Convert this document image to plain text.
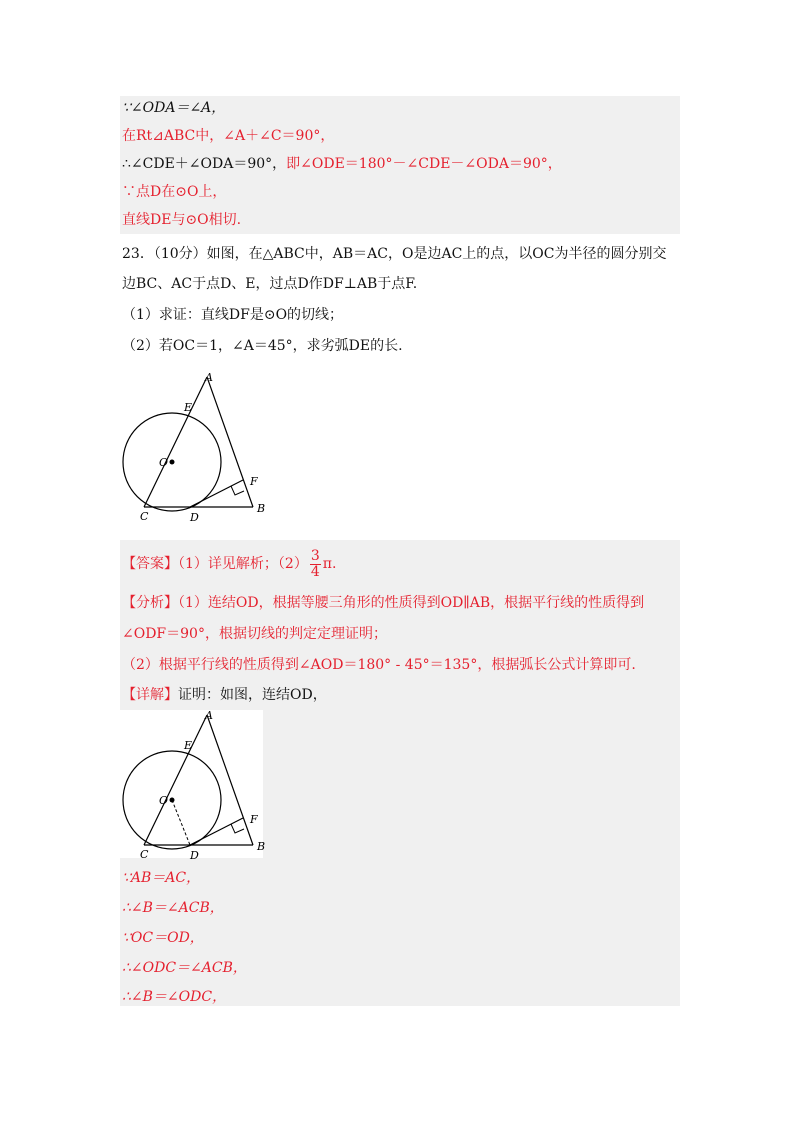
∵∠ODA＝∠A，
在Rt⊿ABC中，∠A＋∠C＝90°，
∴∠CDE＋∠ODA＝90°，即∠ODE＝180°－∠CDE－∠ODA＝90°，
∵点D在⊙O上，
直线DE与⊙O相切.
23．（10分）如图，在△ABC中，AB＝AC，O是边AC上的点，以OC为半径的圆分别交
边BC、AC于点D、E，过点D作DF⊥AB于点F.
（1）求证：直线DF是⊙O的切线；
（2）若OC＝1，∠A＝45°，求劣弧DE的长.
A
E
O
F
C	D
B
【答案】（1）详见解析；$(2) \frac{3}{4} \pi$.
【分析】（1）连结OD，根据等腰三角形的性质得到OD∥AB，根据平行线的性质得到
∠ODF＝90°，根据切线的判定定理证明；
（2）根据平行线的性质得到∠AOD＝180° - 45°＝135°，根据弧长公式计算即可.
【详解】证明：如图，连结OD，
A
E
O
F
C	D
B
∵AB＝AC，
∴∠B＝∠ACB，
∵OC＝OD，
∴∠ODC＝∠ACB，
∴∠B＝∠ODC，
